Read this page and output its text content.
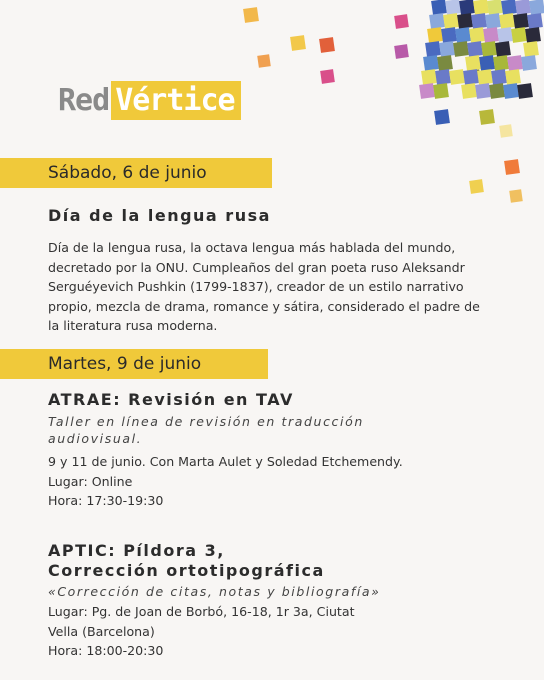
Red Vértice
Sábado, 6 de junio
Día de la lengua rusa
Día de la lengua rusa, la octava lengua más hablada del mundo,
decretado por la ONU. Cumpleaños del gran poeta ruso Aleksandr
Serguéyevich Pushkin (1799-1837), creador de un estilo narrativo
propio, mezcla de drama, romance y sátira, considerado el padre de
la literatura rusa moderna.
Martes, 9 de junio
ATRAE: Revisión en TAV
Taller en línea de revisión en traducción
audiovisual.
9 y 11 de junio. Con Marta Aulet y Soledad Etchemendy.
Lugar: Online
Hora: 17:30-19:30
APTIC: Píldora 3,
Corrección ortotipográfica
«Corrección de citas, notas y bibliografía»
Lugar: Pg. de Joan de Borbó, 16-18, 1r 3a, Ciutat
Vella (Barcelona)
Hora: 18:00-20:30
